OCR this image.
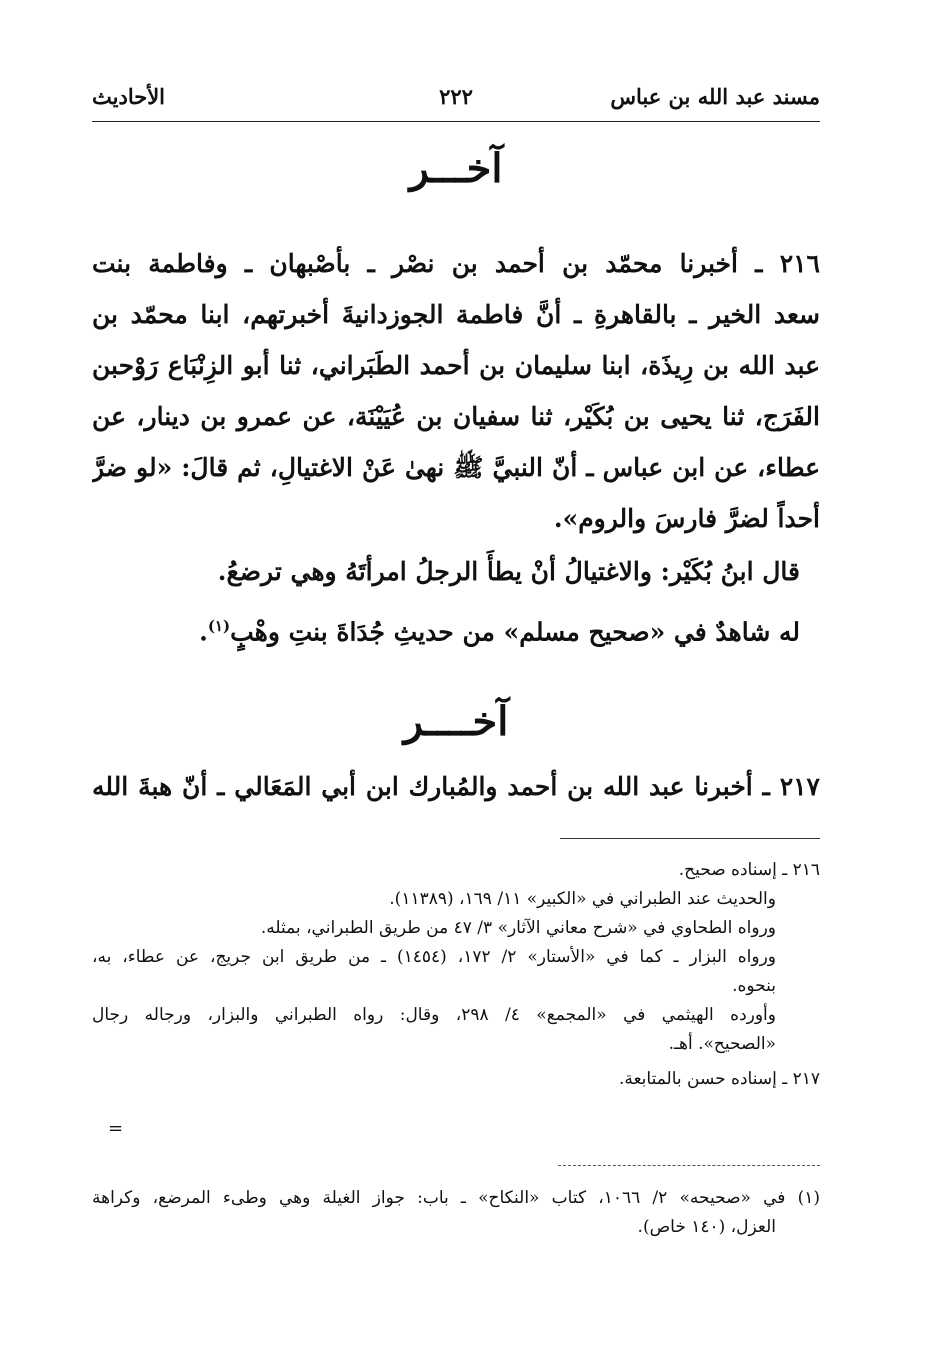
مسند عبد الله بن عباس
٢٢٢
الأحاديث
آخـــر
٢١٦ ـ أخبرنا محمّد بن أحمد بن نصْر ـ بأصْبهان ـ وفاطمة بنت
سعد الخير ـ بالقاهرةِ ـ أنَّ فاطمة الجوزدانيةَ أخبرتهم، ابنا محمّد بن
عبد الله بن رِيذَة، ابنا سليمان بن أحمد الطَبَراني، ثنا أبو الزِنْبَاع رَوْحبن
الفَرَج، ثنا يحيى بن بُكَيْر، ثنا سفيان بن عُيَيْنَة، عن عمرو بن دينار، عن
عطاء، عن ابن عباس ـ أنّ النبيَّ ﷺ نهىٰ عَنْ الاغتيالِ، ثم قالَ: «لو ضرَّ
أحداً لضرَّ فارسَ والروم».
قال ابنُ بُكَيْر: والاغتيالُ أنْ يطأَ الرجلُ امرأتَهُ وهي ترضعُ.
له شاهدٌ في «صحيح مسلم» من حديثِ جُدَاةَ بنتِ وهْبٍ$^{(١)}$.
آخــــر
٢١٧ ـ أخبرنا عبد الله بن أحمد والمُبارك ابن أبي المَعَالي ـ أنّ هبةَ الله
٢١٦ ـ إسناده صحيح.
والحديث عند الطبراني في «الكبير» ١١/ ١٦٩، (١١٣٨٩).
ورواه الطحاوي في «شرح معاني الآثار» ٣/ ٤٧ من طريق الطبراني، بمثله.
ورواه البزار ـ كما في «الأستار» ٢/ ١٧٢، (١٤٥٤) ـ من طريق ابن جريج، عن عطاء، به،
بنحوه.
وأورده الهيثمي في «المجمع» ٤/ ٢٩٨، وقال: رواه الطبراني والبزار، ورجاله رجال
«الصحيح». أهـ.
٢١٧ ـ إسناده حسن بالمتابعة.
=
(١) في «صحيحه» ٢/ ١٠٦٦، كتاب «النكاح» ـ باب: جواز الغيلة وهي وطىء المرضع، وكراهة
العزل، (١٤٠ خاص).
